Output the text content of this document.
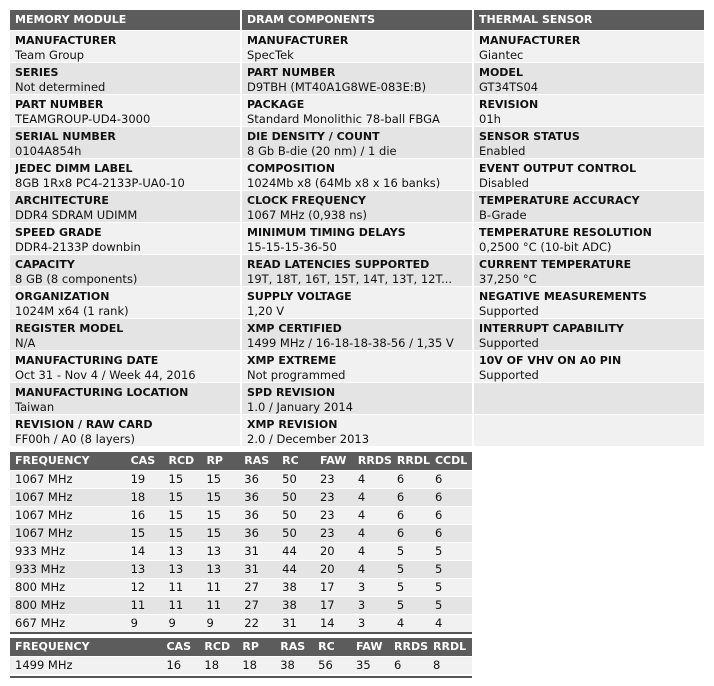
MEMORY MODULE
MANUFACTURER
Team Group
SERIES
Not determined
PART NUMBER
TEAMGROUP-UD4-3000
SERIAL NUMBER
0104A854h
JEDEC DIMM LABEL
8GB 1Rx8 PC4-2133P-UA0-10
ARCHITECTURE
DDR4 SDRAM UDIMM
SPEED GRADE
DDR4-2133P downbin
CAPACITY
8 GB (8 components)
ORGANIZATION
1024M x64 (1 rank)
REGISTER MODEL
N/A
MANUFACTURING DATE
Oct 31 - Nov 4 / Week 44, 2016
MANUFACTURING LOCATION
Taiwan
REVISION / RAW CARD
FF00h / A0 (8 layers)
DRAM COMPONENTS
MANUFACTURER
SpecTek
PART NUMBER
D9TBH (MT40A1G8WE-083E:B)
PACKAGE
Standard Monolithic 78-ball FBGA
DIE DENSITY / COUNT
8 Gb B-die (20 nm) / 1 die
COMPOSITION
1024Mb x8 (64Mb x8 x 16 banks)
CLOCK FREQUENCY
1067 MHz (0,938 ns)
MINIMUM TIMING DELAYS
15-15-15-36-50
READ LATENCIES SUPPORTED
19T, 18T, 16T, 15T, 14T, 13T, 12T...
SUPPLY VOLTAGE
1,20 V
XMP CERTIFIED
1499 MHz / 16-18-18-38-56 / 1,35 V
XMP EXTREME
Not programmed
SPD REVISION
1.0 / January 2014
XMP REVISION
2.0 / December 2013
THERMAL SENSOR
MANUFACTURER
Giantec
MODEL
GT34TS04
REVISION
01h
SENSOR STATUS
Enabled
EVENT OUTPUT CONTROL
Disabled
TEMPERATURE ACCURACY
B-Grade
TEMPERATURE RESOLUTION
0,2500 °C (10-bit ADC)
CURRENT TEMPERATURE
37,250 °C
NEGATIVE MEASUREMENTS
Supported
INTERRUPT CAPABILITY
Supported
10V OF VHV ON A0 PIN
Supported
FREQUENCY	CAS	RCD	RP	RAS	RC	FAW	RRDS	RRDL	CCDL
1067 MHz	19	15	15	36	50	23	4	6	6
1067 MHz	18	15	15	36	50	23	4	6	6
1067 MHz	16	15	15	36	50	23	4	6	6
1067 MHz	15	15	15	36	50	23	4	6	6
933 MHz	14	13	13	31	44	20	4	5	5
933 MHz	13	13	13	31	44	20	4	5	5
800 MHz	12	11	11	27	38	17	3	5	5
800 MHz	11	11	11	27	38	17	3	5	5
667 MHz	9	9	9	22	31	14	3	4	4
FREQUENCY	CAS	RCD	RP	RAS	RC	FAW	RRDS	RRDL
1499 MHz	16	18	18	38	56	35	6	8
